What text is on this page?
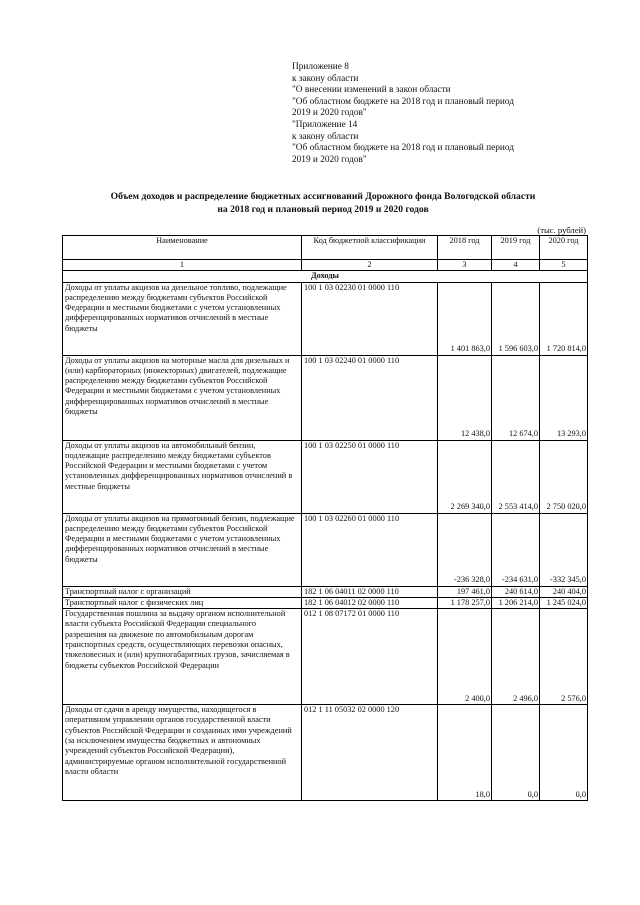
Приложение 8
к закону области
"О внесении изменений в закон области
"Об областном бюджете на 2018 год и плановый период
2019 и 2020 годов"
"Приложение 14
к закону области
"Об областном бюджете на 2018 год и плановый период
2019 и 2020 годов"
Объем доходов и распределение бюджетных ассигнований Дорожного фонда Вологодской области
на 2018 год и плановый период 2019 и 2020 годов
(тыс. рублей)
Наименование	Код бюджетной классификации	2018 год	2019 год	2020 год
1	2	3	4	5
Доходы				
Доходы от уплаты акцизов на дизельное топливо, подлежащие распределению между бюджетами субъектов Российской Федерации и местными бюджетами с учетом установленных дифференцированных нормативов отчислений в местные бюджеты	100 1 03 02230 01 0000 110	1 401 863,0	1 596 603,0	1 720 814,0
Доходы от уплаты акцизов на моторные масла для дизельных и (или) карбюраторных (инжекторных) двигателей, подлежащие распределению между бюджетами субъектов Российской Федерации и местными бюджетами с учетом установленных дифференцированных нормативов отчислений в местные бюджеты	100 1 03 02240 01 0000 110	12 438,0	12 674,0	13 293,0
Доходы от уплаты акцизов на автомобильный бензин, подлежащие распределению между бюджетами субъектов Российской Федерации и местными бюджетами с учетом установленных дифференцированных нормативов отчислений в местные бюджеты	100 1 03 02250 01 0000 110	2 269 340,0	2 553 414,0	2 750 020,0
Доходы от уплаты акцизов на прямогонный бензин, подлежащие распределению между бюджетами субъектов Российской Федерации и местными бюджетами с учетом установленных дифференцированных нормативов отчислений в местные бюджеты	100 1 03 02260 01 0000 110	-236 328,0	-234 631,0	-332 345,0
Транспортный налог с организаций	182 1 06 04011 02 0000 110	197 461,0	240 614,0	240 404,0
Транспортный налог с физических лиц	182 1 06 04012 02 0000 110	1 178 257,0	1 206 214,0	1 245 024,0
Государственная пошлина за выдачу органом исполнительной власти субъекта Российской Федерации специального разрешения на движение по автомобильным дорогам транспортных средств, осуществляющих перевозки опасных, тяжеловесных и (или) крупногабаритных грузов, зачисляемая в бюджеты субъектов Российской Федерации	012 1 08 07172 01 0000 110	2 400,0	2 496,0	2 576,0
Доходы от сдачи в аренду имущества, находящегося в оперативном управлении органов государственной власти субъектов Российской Федерации и созданных ими учреждений (за исключением имущества бюджетных и автономных учреждений субъектов Российской Федерации), администрируемые органом исполнительной государственной власти области	012 1 11 05032 02 0000 120	18,0	0,0	0,0
